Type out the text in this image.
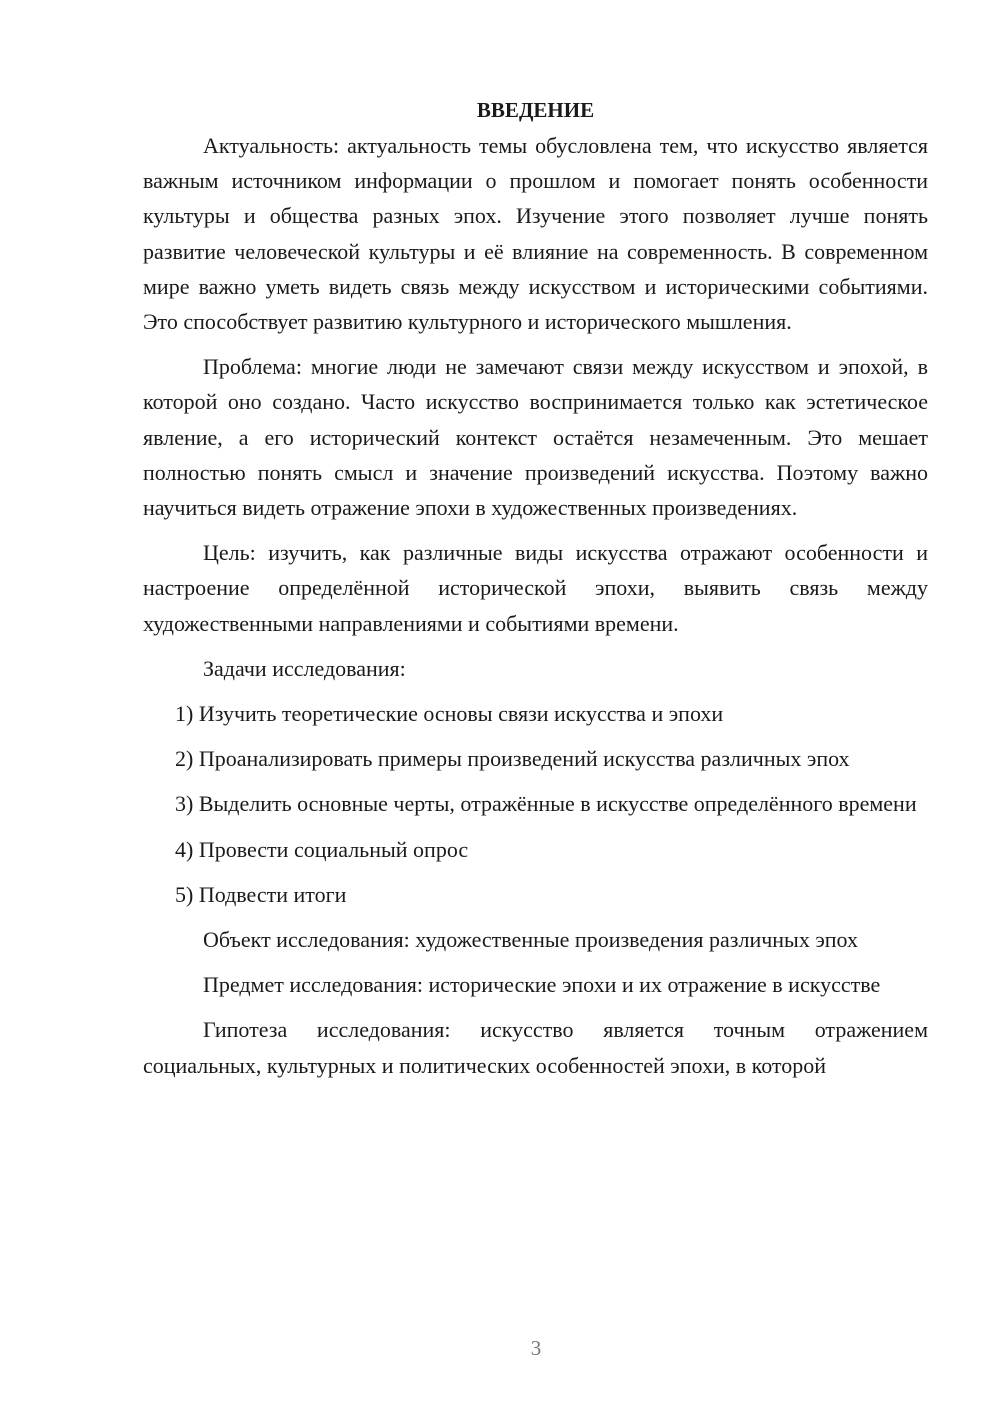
ВВЕДЕНИЕ

Актуальность: актуальность темы обусловлена тем, что искусство является важным источником информации о прошлом и помогает понять особенности культуры и общества разных эпох. Изучение этого позволяет лучше понять развитие человеческой культуры и её влияние на современность. В современном мире важно уметь видеть связь между искусством и историческими событиями. Это способствует развитию культурного и исторического мышления.

Проблема: многие люди не замечают связи между искусством и эпохой, в которой оно создано. Часто искусство воспринимается только как эстетическое явление, а его исторический контекст остаётся незамеченным. Это мешает полностью понять смысл и значение произведений искусства. Поэтому важно научиться видеть отражение эпохи в художественных произведениях.

Цель: изучить, как различные виды искусства отражают особенности и настроение определённой исторической эпохи, выявить связь между художественными направлениями и событиями времени.

Задачи исследования:

1) Изучить теоретические основы связи искусства и эпохи

2) Проанализировать примеры произведений искусства различных эпох

3) Выделить основные черты, отражённые в искусстве определённого времени

4) Провести социальный опрос

5) Подвести итоги

Объект исследования: художественные произведения различных эпох

Предмет исследования: исторические эпохи и их отражение в искусстве

Гипотеза исследования: искусство является точным отражением социальных, культурных и политических особенностей эпохи, в которой

3
